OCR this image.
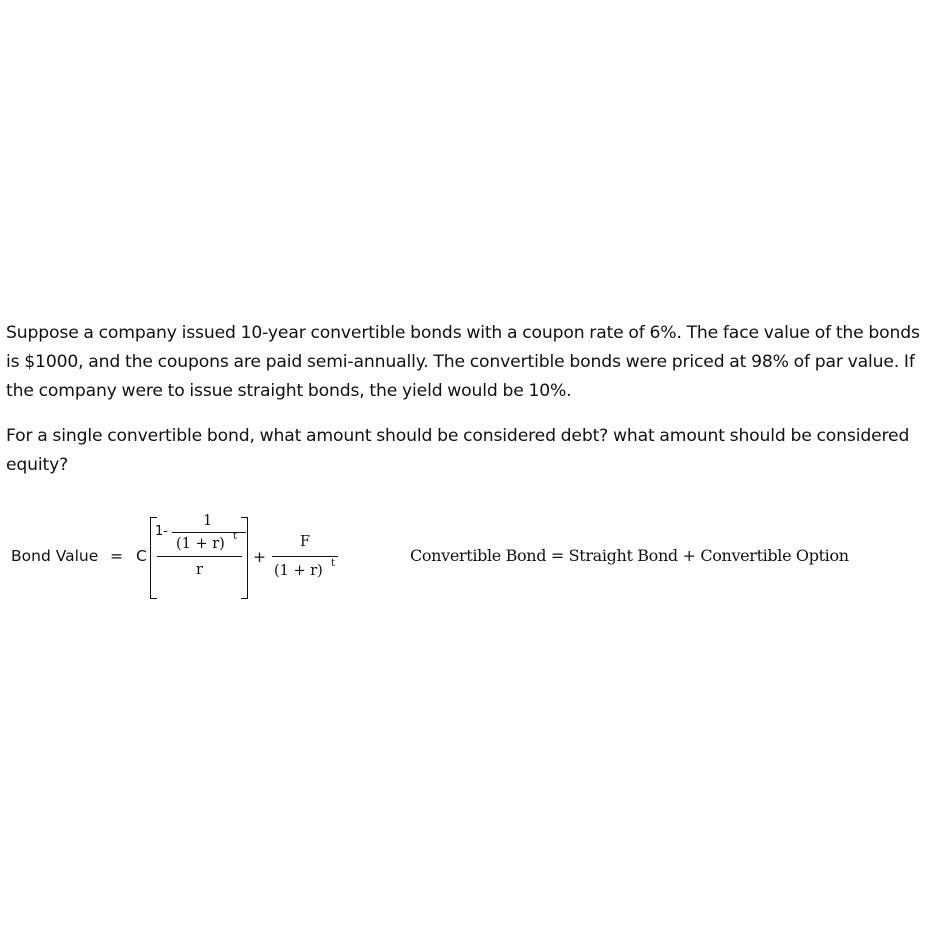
Suppose a company issued 10-year convertible bonds with a coupon rate of 6%. The face value of the bonds is $1000, and the coupons are paid semi-annually. The convertible bonds were priced at 98% of par value. If the company were to issue straight bonds, the yield would be 10%.

For a single convertible bond, what amount should be considered debt? what amount should be considered equity?

Bond Value = C
1-
1
(1 + r) t
r
+
F
(1 + r) t	Convertible Bond = Straight Bond + Convertible Option
